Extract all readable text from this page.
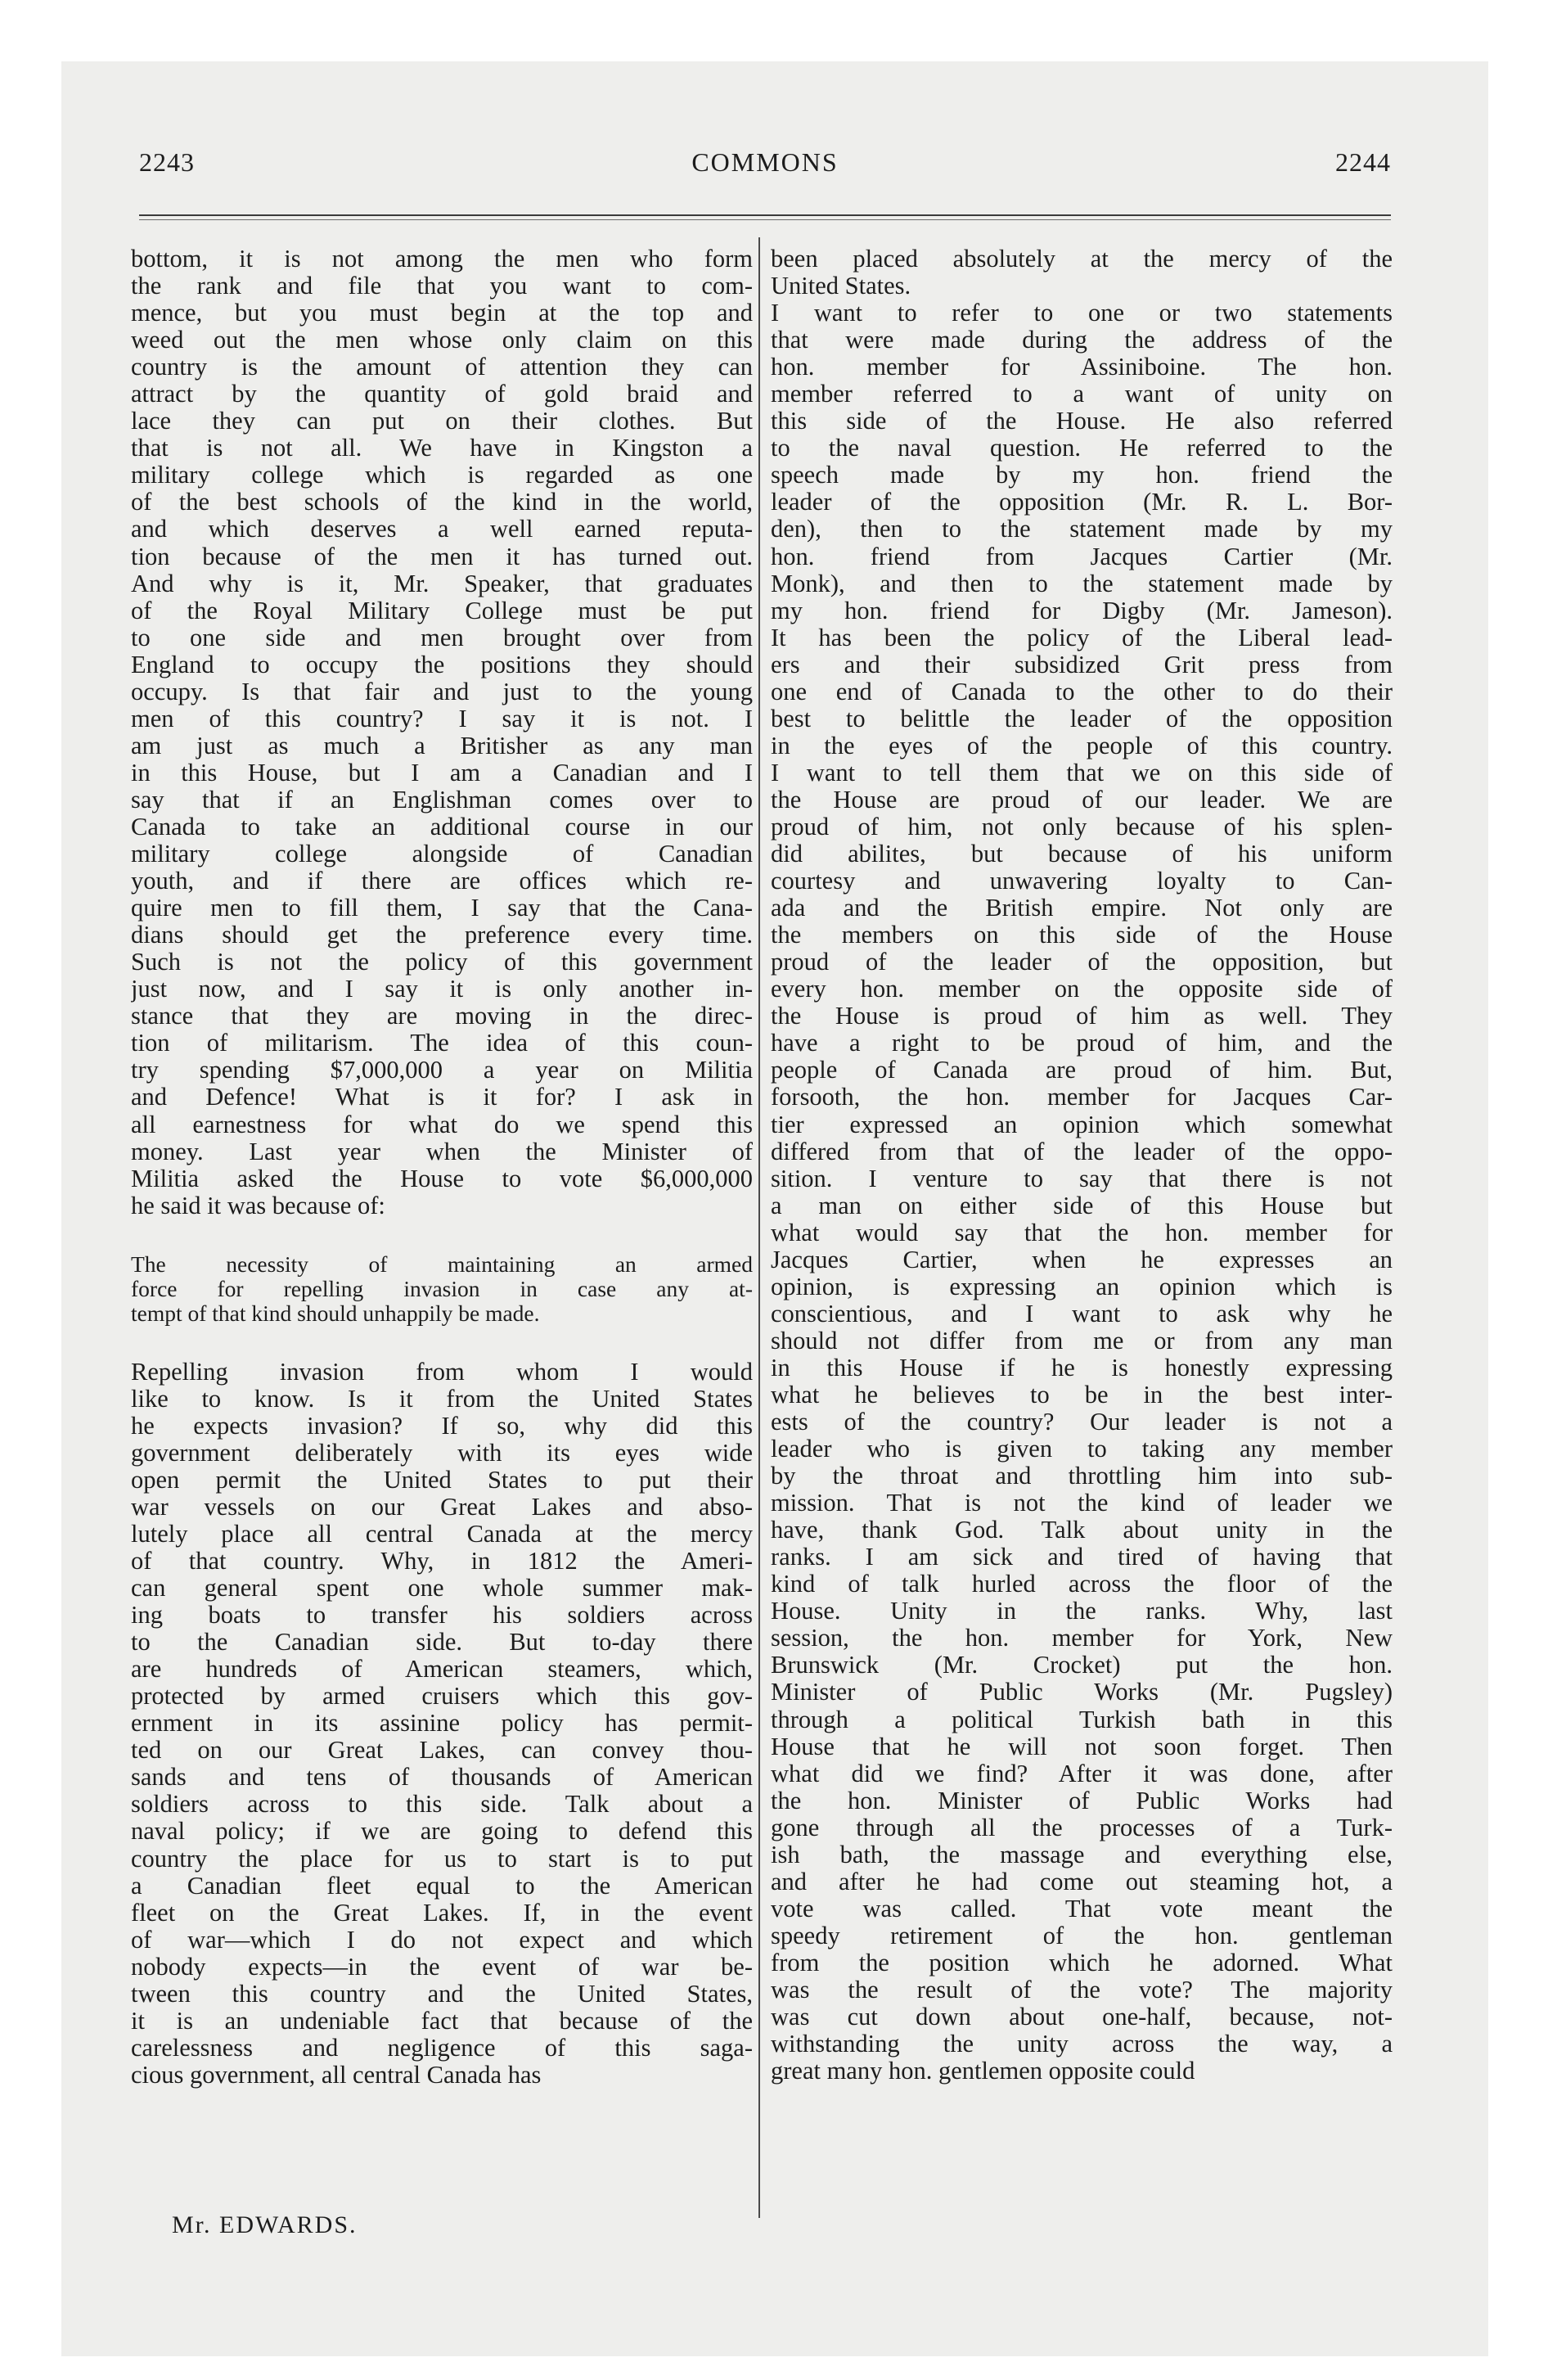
2243	COMMONS	2244
bottom, it is not among the men who form
the rank and file that you want to com-
mence, but you must begin at the top and
weed out the men whose only claim on this
country is the amount of attention they can
attract by the quantity of gold braid and
lace they can put on their clothes. But
that is not all. We have in Kingston a
military college which is regarded as one
of the best schools of the kind in the world,
and which deserves a well earned reputa-
tion because of the men it has turned out.
And why is it, Mr. Speaker, that graduates
of the Royal Military College must be put
to one side and men brought over from
England to occupy the positions they should
occupy. Is that fair and just to the young
men of this country? I say it is not. I
am just as much a Britisher as any man
in this House, but I am a Canadian and I
say that if an Englishman comes over to
Canada to take an additional course in our
military college alongside of Canadian
youth, and if there are offices which re-
quire men to fill them, I say that the Cana-
dians should get the preference every time.
Such is not the policy of this government
just now, and I say it is only another in-
stance that they are moving in the direc-
tion of militarism. The idea of this coun-
try spending $7,000,000 a year on Militia
and Defence! What is it for? I ask in
all earnestness for what do we spend this
money. Last year when the Minister of
Militia asked the House to vote $6,000,000
he said it was because of:
The necessity of maintaining an armed
force for repelling invasion in case any at-
tempt of that kind should unhappily be made.
Repelling invasion from whom I would
like to know. Is it from the United States
he expects invasion? If so, why did this
government deliberately with its eyes wide
open permit the United States to put their
war vessels on our Great Lakes and abso-
lutely place all central Canada at the mercy
of that country. Why, in 1812 the Ameri-
can general spent one whole summer mak-
ing boats to transfer his soldiers across
to the Canadian side. But to-day there
are hundreds of American steamers, which,
protected by armed cruisers which this gov-
ernment in its assinine policy has permit-
ted on our Great Lakes, can convey thou-
sands and tens of thousands of American
soldiers across to this side. Talk about a
naval policy; if we are going to defend this
country the place for us to start is to put
a Canadian fleet equal to the American
fleet on the Great Lakes. If, in the event
of war—which I do not expect and which
nobody expects—in the event of war be-
tween this country and the United States,
it is an undeniable fact that because of the
carelessness and negligence of this saga-
cious government, all central Canada has
Mr. EDWARDS.
been placed absolutely at the mercy of the
United States.
I want to refer to one or two statements
that were made during the address of the
hon. member for Assiniboine. The hon.
member referred to a want of unity on
this side of the House. He also referred
to the naval question. He referred to the
speech made by my hon. friend the
leader of the opposition (Mr. R. L. Bor-
den), then to the statement made by my
hon. friend from Jacques Cartier (Mr.
Monk), and then to the statement made by
my hon. friend for Digby (Mr. Jameson).
It has been the policy of the Liberal lead-
ers and their subsidized Grit press from
one end of Canada to the other to do their
best to belittle the leader of the opposition
in the eyes of the people of this country.
I want to tell them that we on this side of
the House are proud of our leader. We are
proud of him, not only because of his splen-
did abilites, but because of his uniform
courtesy and unwavering loyalty to Can-
ada and the British empire. Not only are
the members on this side of the House
proud of the leader of the opposition, but
every hon. member on the opposite side of
the House is proud of him as well. They
have a right to be proud of him, and the
people of Canada are proud of him. But,
forsooth, the hon. member for Jacques Car-
tier expressed an opinion which somewhat
differed from that of the leader of the oppo-
sition. I venture to say that there is not
a man on either side of this House but
what would say that the hon. member for
Jacques Cartier, when he expresses an
opinion, is expressing an opinion which is
conscientious, and I want to ask why he
should not differ from me or from any man
in this House if he is honestly expressing
what he believes to be in the best inter-
ests of the country? Our leader is not a
leader who is given to taking any member
by the throat and throttling him into sub-
mission. That is not the kind of leader we
have, thank God. Talk about unity in the
ranks. I am sick and tired of having that
kind of talk hurled across the floor of the
House. Unity in the ranks. Why, last
session, the hon. member for York, New
Brunswick (Mr. Crocket) put the hon.
Minister of Public Works (Mr. Pugsley)
through a political Turkish bath in this
House that he will not soon forget. Then
what did we find? After it was done, after
the hon. Minister of Public Works had
gone through all the processes of a Turk-
ish bath, the massage and everything else,
and after he had come out steaming hot, a
vote was called. That vote meant the
speedy retirement of the hon. gentleman
from the position which he adorned. What
was the result of the vote? The majority
was cut down about one-half, because, not-
withstanding the unity across the way, a
great many hon. gentlemen opposite could
